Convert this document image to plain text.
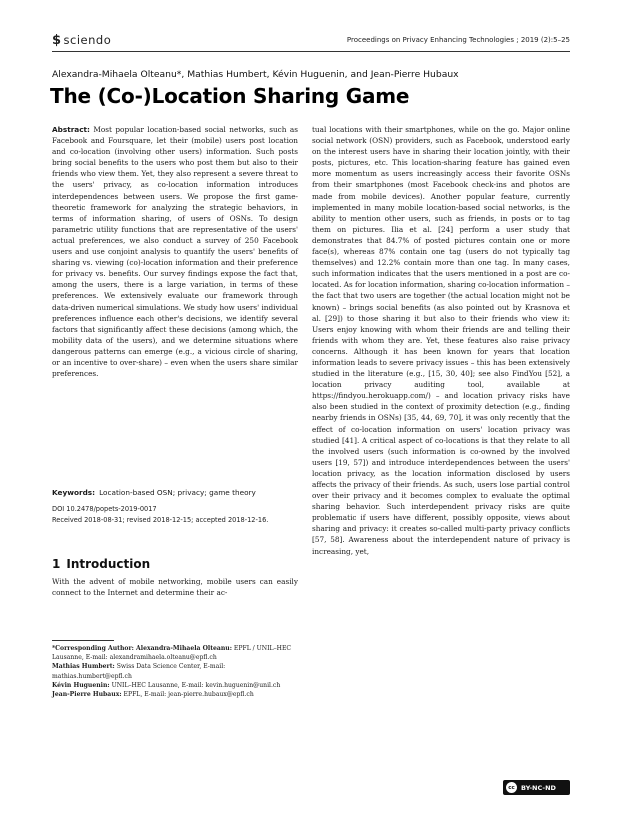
$ sciendo	Proceedings on Privacy Enhancing Technologies ; 2019 (2):5–25
Alexandra-Mihaela Olteanu*, Mathias Humbert, Kévin Huguenin, and Jean-Pierre Hubaux
The (Co-)Location Sharing Game

Abstract: Most popular location-based social networks, such as Facebook and Foursquare, let their (mobile) users post location and co-location (involving other users) information. Such posts bring social benefits to the users who post them but also to their friends who view them. Yet, they also represent a severe threat to the users' privacy, as co-location information introduces interdependences between users. We propose the first game-theoretic framework for analyzing the strategic behaviors, in terms of information sharing, of users of OSNs. To design parametric utility functions that are representative of the users' actual preferences, we also conduct a survey of 250 Facebook users and use conjoint analysis to quantify the users' benefits of sharing vs. viewing (co)-location information and their preference for privacy vs. benefits. Our survey findings expose the fact that, among the users, there is a large variation, in terms of these preferences. We extensively evaluate our framework through data-driven numerical simulations. We study how users' individual preferences influence each other's decisions, we identify several factors that significantly affect these decisions (among which, the mobility data of the users), and we determine situations where dangerous patterns can emerge (e.g., a vicious circle of sharing, or an incentive to over-share) – even when the users share similar preferences.

Keywords: Location-based OSN; privacy; game theory
DOI 10.2478/popets-2019-0017
Received 2018-08-31; revised 2018-12-15; accepted 2018-12-16.
1 Introduction
With the advent of mobile networking, mobile users can easily connect to the Internet and determine their ac-

*Corresponding Author: Alexandra-Mihaela Olteanu: EPFL / UNIL–HEC Lausanne, E-mail: alexandramihaela.olteanu@epfl.ch

Mathias Humbert: Swiss Data Science Center, E-mail: mathias.humbert@epfl.ch

Kévin Huguenin: UNIL–HEC Lausanne, E-mail: kevin.huguenin@unil.ch

Jean-Pierre Hubaux: EPFL, E-mail: jean-pierre.hubaux@epfl.ch

tual locations with their smartphones, while on the go. Major online social network (OSN) providers, such as Facebook, understood early on the interest users have in sharing their location jointly, with their posts, pictures, etc. This location-sharing feature has gained even more momentum as users increasingly access their favorite OSNs from their smartphones (most Facebook check-ins and photos are made from mobile devices). Another popular feature, currently implemented in many mobile location-based social networks, is the ability to mention other users, such as friends, in posts or to tag them on pictures. Ilia et al. [24] perform a user study that demonstrates that 84.7% of posted pictures contain one or more face(s), whereas 87% contain one tag (users do not typically tag themselves) and 12.2% contain more than one tag. In many cases, such information indicates that the users mentioned in a post are co-located. As for location information, sharing co-location information – the fact that two users are together (the actual location might not be known) – brings social benefits (as also pointed out by Krasnova et al. [29]) to those sharing it but also to their friends who view it: Users enjoy knowing with whom their friends are and telling their friends with whom they are. Yet, these features also raise privacy concerns. Although it has been known for years that location information leads to severe privacy issues – this has been extensively studied in the literature (e.g., [15, 30, 40]; see also FindYou [52], a location privacy auditing tool, available at https://findyou.herokuapp.com/) – and location privacy risks have also been studied in the context of proximity detection (e.g., finding nearby friends in OSNs) [35, 44, 69, 70], it was only recently that the effect of co-location information on users' location privacy was studied [41]. A critical aspect of co-locations is that they relate to all the involved users (such information is co-owned by the involved users [19, 57]) and introduce interdependences between the users' location privacy, as the location information disclosed by users affects the privacy of their friends. As such, users lose partial control over their privacy and it becomes complex to evaluate the optimal sharing behavior. Such interdependent privacy risks are quite problematic if users have different, possibly opposite, views about sharing and privacy: it creates so-called multi-party privacy conflicts [57, 58]. Awareness about the interdependent nature of privacy is increasing, yet,
cc BY-NC-ND
